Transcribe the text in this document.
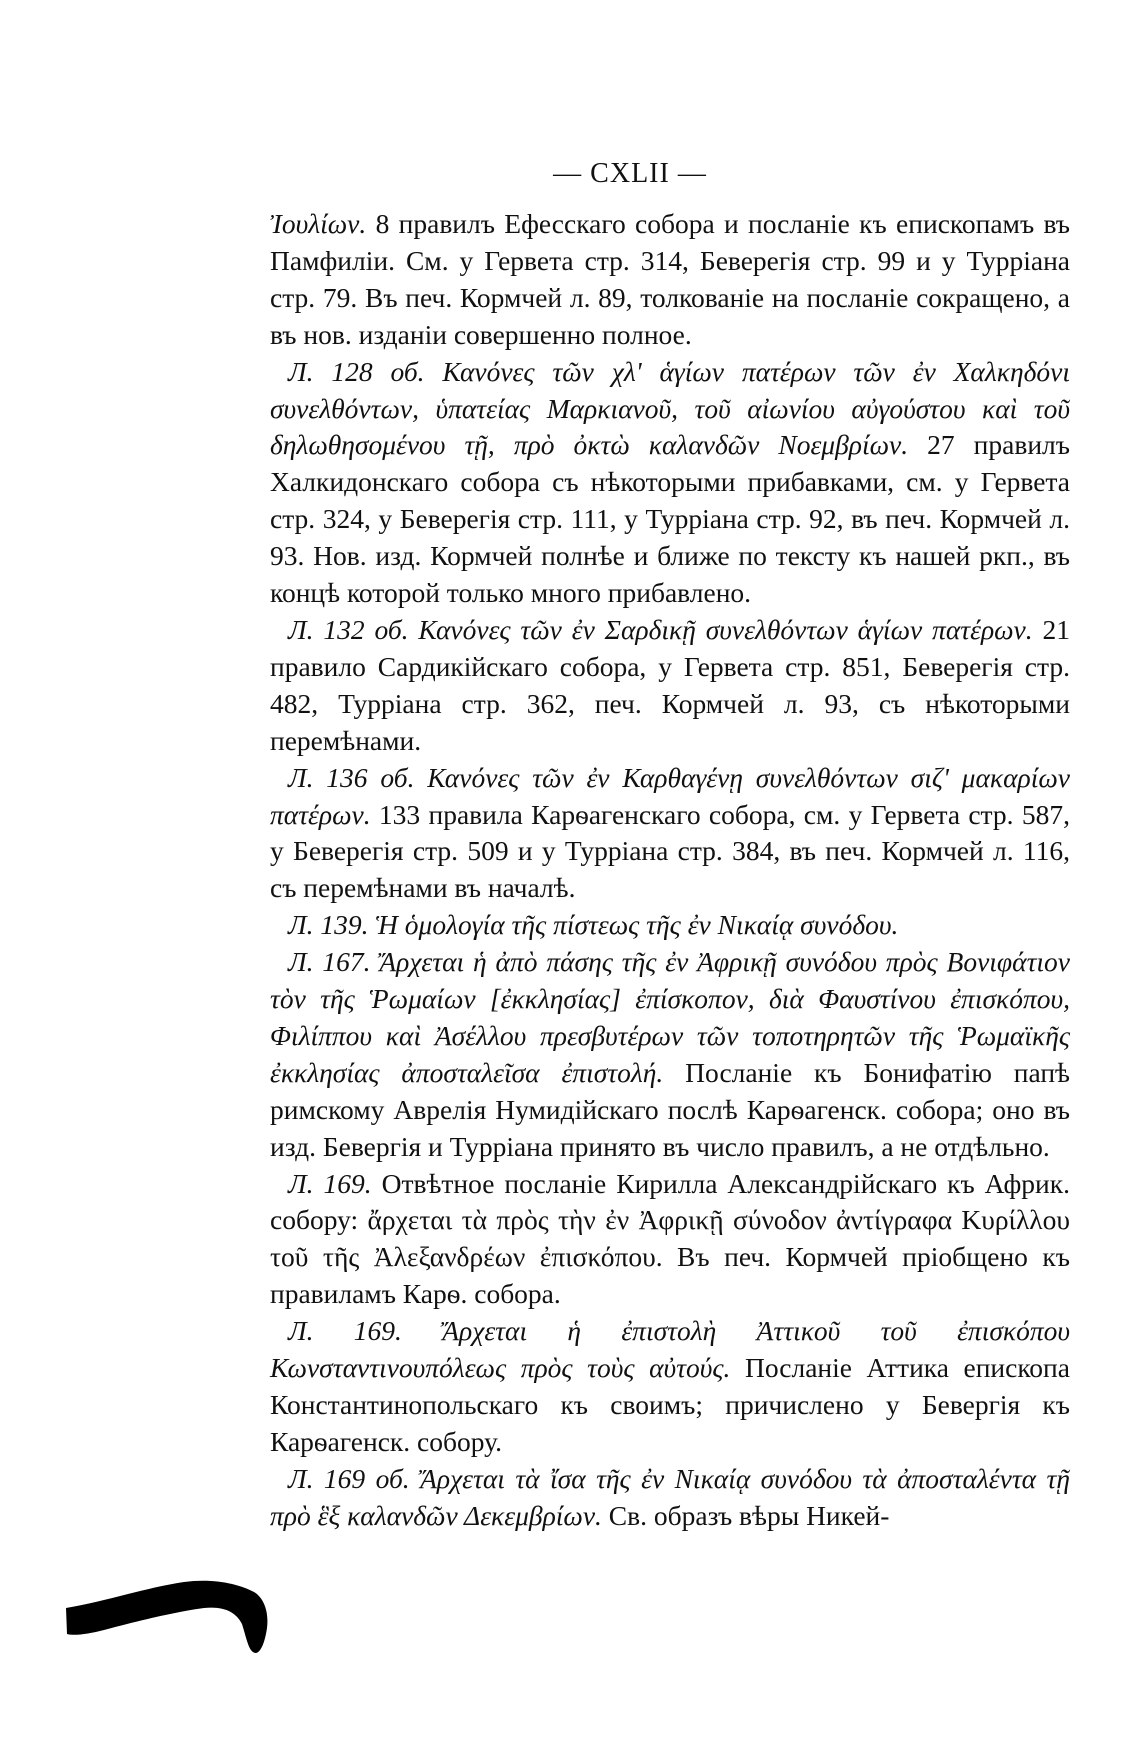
— CXLII —

Ἰουλίων. 8 правилъ Ефесскаго собора и посланіе къ епископамъ въ Памфиліи. См. у Гервета стр. 314, Беверегія стр. 99 и у Турріана стр. 79. Въ печ. Кормчей л. 89, толкованіе на посланіе сокращено, а въ нов. изданіи совершенно полное.

Л. 128 об. Κανόνες τῶν χλ' ἁγίων πατέρων τῶν ἐν Χαλκηδόνι συνελθόντων, ὑπατείας Μαρκιανοῦ, τοῦ αἰωνίου αὐγούστου καὶ τοῦ δηλωθησομένου τῇ, πρὸ ὀκτὼ καλανδῶν Νοεμβρίων. 27 правилъ Халкидонскаго собора съ нѣкоторыми прибавками, см. у Гервета стр. 324, у Беверегія стр. 111, у Турріана стр. 92, въ печ. Кормчей л. 93. Нов. изд. Кормчей полнѣе и ближе по тексту къ нашей ркп., въ концѣ которой только много прибавлено.

Л. 132 об. Κανόνες τῶν ἐν Σαρδικῇ συνελθόντων ἁγίων πατέρων. 21 правило Сардикійскаго собора, у Гервета стр. 851, Беверегія стр. 482, Турріана стр. 362, печ. Кормчей л. 93, съ нѣкоторыми перемѣнами.

Л. 136 об. Κανόνες τῶν ἐν Καρθαγένῃ συνελθόντων σιζ' μακαρίων πατέρων. 133 правила Карѳагенскаго собора, см. у Гервета стр. 587, у Беверегія стр. 509 и у Турріана стр. 384, въ печ. Кормчей л. 116, съ перемѣнами въ началѣ.

Л. 139. Ἡ ὁμολογία τῆς πίστεως τῆς ἐν Νικαίᾳ συνόδου.

Л. 167. Ἄρχεται ἡ ἀπὸ πάσης τῆς ἐν Ἀφρικῇ συνόδου πρὸς Βονιφάτιον τὸν τῆς Ῥωμαίων [ἐκκλησίας] ἐπίσκοπον, διὰ Φαυστίνου ἐπισκόπου, Φιλίππου καὶ Ἀσέλλου πρεσβυτέρων τῶν τοποτηρητῶν τῆς Ῥωμαϊκῆς ἐκκλησίας ἀποσταλεῖσα ἐπιστολή. Посланіе къ Бонифатію папѣ римскому Аврелія Нумидійскаго послѣ Карѳагенск. собора; оно въ изд. Бевергія и Турріана принято въ число правилъ, а не отдѣльно.

Л. 169. Отвѣтное посланіе Кирилла Александрійскаго къ Африк. собору: ἄρχεται τὰ πρὸς τὴν ἐν Ἀφρικῇ σύνοδον ἀντίγραφα Κυρίλλου τοῦ τῆς Ἀλεξανδρέων ἐπισκόπου. Въ печ. Кормчей пріобщено къ правиламъ Карѳ. собора.

Л. 169. Ἄρχεται ἡ ἐπιστολὴ Ἀττικοῦ τοῦ ἐπισκόπου Κωνσταντινουπόλεως πρὸς τοὺς αὐτούς. Посланіе Аттика епископа Константинопольскаго къ своимъ; причислено у Бевергія къ Карѳагенск. собору.

Л. 169 об. Ἄρχεται τὰ ἴσα τῆς ἐν Νικαίᾳ συνόδου τὰ ἀποσταλέντα τῇ πρὸ ἓξ καλανδῶν Δεκεμβρίων. Св. образъ вѣры Никей-
